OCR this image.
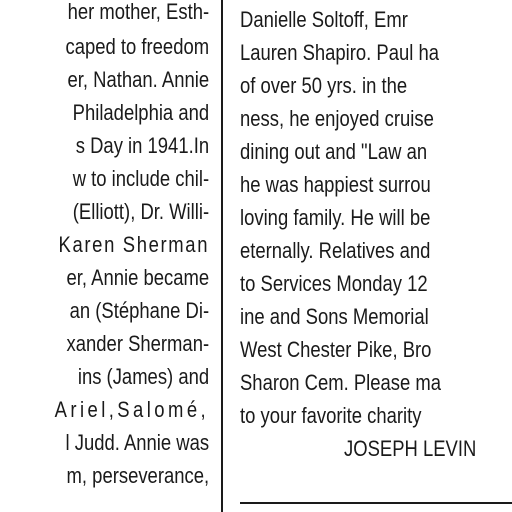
her mother, Esth-
caped to freedom
er, Nathan. Annie
Philadelphia and
s Day in 1941.In
w to include chil-
(Elliott), Dr. Willi-
Karen Sherman
er, Annie became
an (Stéphane Di-
xander Sherman-
ins (James) and
Ariel,Salomé,
l Judd. Annie was
m, perseverance,
Danielle Soltoff, Emr
Lauren Shapiro. Paul ha
of over 50 yrs. in the
ness, he enjoyed cruise
dining out and "Law an
he was happiest surrou
loving family. He will be
eternally. Relatives and
to Services Monday 12
ine and Sons Memorial
West Chester Pike, Bro
Sharon Cem. Please ma
to your favorite charity
JOSEPH LEVIN
